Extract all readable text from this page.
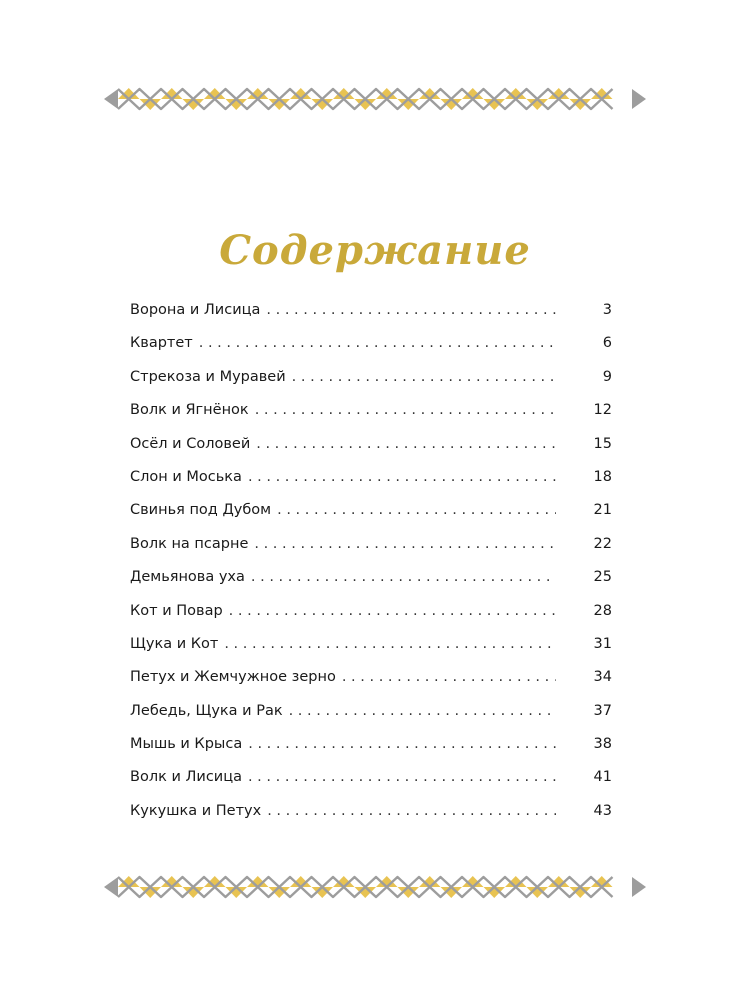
Содержание
Ворона и Лисица . . .	3
Квартет . . .	6
Стрекоза и Муравей . . .	9
Волк и Ягнёнок . . .	12
Осёл и Соловей . . .	15
Слон и Моська . . .	18
Свинья под Дубом . . .	21
Волк на псарне . . .	22
Демьянова уха . . .	25
Кот и Повар . . .	28
Щука и Кот . . .	31
Петух и Жемчужное зерно . . .	34
Лебедь, Щука и Рак . . .	37
Мышь и Крыса . . .	38
Волк и Лисица . . .	41
Кукушка и Петух . . .	43
